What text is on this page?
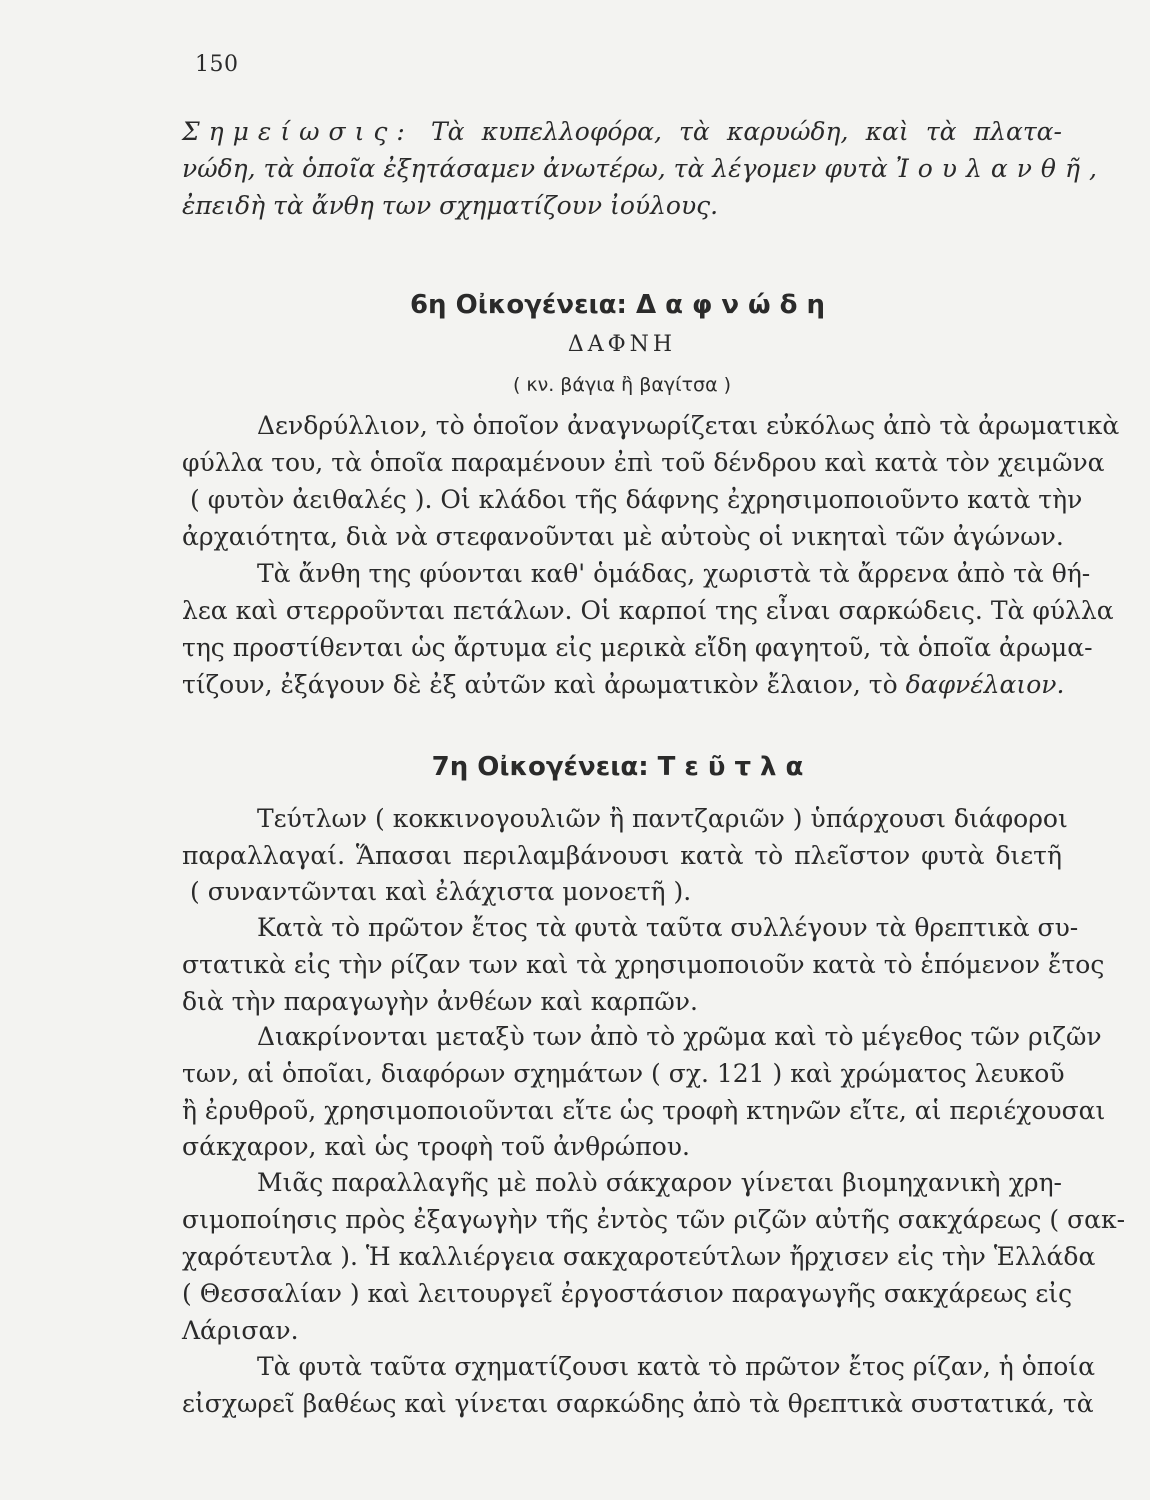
150
Σημείωσις: Τὰ κυπελλοφόρα, τὰ καρυώδη, καὶ τὰ πλατα-
νώδη, τὰ ὁποῖα ἐξητάσαμεν ἀνωτέρω, τὰ λέγομεν φυτὰ Ἰουλανθῆ,
ἐπειδὴ τὰ ἄνθη των σχηματίζουν ἰούλους.
6η Οἰκογένεια: Δαφνώδη
ΔΑΦΝΗ
( κν. βάγια ἢ βαγίτσα )
Δενδρύλλιον, τὸ ὁποῖον ἀναγνωρίζεται εὐκόλως ἀπὸ τὰ ἀρωματικὰ
φύλλα του, τὰ ὁποῖα παραμένουν ἐπὶ τοῦ δένδρου καὶ κατὰ τὸν χειμῶνα
( φυτὸν ἀειθαλές ). Οἱ κλάδοι τῆς δάφνης ἐχρησιμοποιοῦντο κατὰ τὴν
ἀρχαιότητα, διὰ νὰ στεφανοῦνται μὲ αὐτοὺς οἱ νικηταὶ τῶν ἀγώνων.
Τὰ ἄνθη της φύονται καθ' ὁμάδας, χωριστὰ τὰ ἄρρενα ἀπὸ τὰ θή-
λεα καὶ στερροῦνται πετάλων. Οἱ καρποί της εἶναι σαρκώδεις. Τὰ φύλλα
της προστίθενται ὡς ἄρτυμα εἰς μερικὰ εἴδη φαγητοῦ, τὰ ὁποῖα ἀρωμα-
τίζουν, ἐξάγουν δὲ ἐξ αὐτῶν καὶ ἀρωματικὸν ἔλαιον, τὸ δαφνέλαιον.
7η Οἰκογένεια: Τεῦτλα
Τεύτλων ( κοκκινογουλιῶν ἢ παντζαριῶν ) ὑπάρχουσι διάφοροι
παραλλαγαί. Ἅπασαι περιλαμβάνουσι κατὰ τὸ πλεῖστον φυτὰ διετῆ
( συναντῶνται καὶ ἐλάχιστα μονοετῆ ).
Κατὰ τὸ πρῶτον ἔτος τὰ φυτὰ ταῦτα συλλέγουν τὰ θρεπτικὰ συ-
στατικὰ εἰς τὴν ρίζαν των καὶ τὰ χρησιμοποιοῦν κατὰ τὸ ἑπόμενον ἔτος
διὰ τὴν παραγωγὴν ἀνθέων καὶ καρπῶν.
Διακρίνονται μεταξὺ των ἀπὸ τὸ χρῶμα καὶ τὸ μέγεθος τῶν ριζῶν
των, αἱ ὁποῖαι, διαφόρων σχημάτων ( σχ. 121 ) καὶ χρώματος λευκοῦ
ἢ ἐρυθροῦ, χρησιμοποιοῦνται εἴτε ὡς τροφὴ κτηνῶν εἴτε, αἱ περιέχουσαι
σάκχαρον, καὶ ὡς τροφὴ τοῦ ἀνθρώπου.
Μιᾶς παραλλαγῆς μὲ πολὺ σάκχαρον γίνεται βιομηχανικὴ χρη-
σιμοποίησις πρὸς ἐξαγωγὴν τῆς ἐντὸς τῶν ριζῶν αὐτῆς σακχάρεως ( σακ-
χαρότευτλα ). Ἡ καλλιέργεια σακχαροτεύτλων ἤρχισεν εἰς τὴν Ἑλλάδα
( Θεσσαλίαν ) καὶ λειτουργεῖ ἐργοστάσιον παραγωγῆς σακχάρεως εἰς
Λάρισαν.
Τὰ φυτὰ ταῦτα σχηματίζουσι κατὰ τὸ πρῶτον ἔτος ρίζαν, ἡ ὁποία
εἰσχωρεῖ βαθέως καὶ γίνεται σαρκώδης ἀπὸ τὰ θρεπτικὰ συστατικά, τὰ
